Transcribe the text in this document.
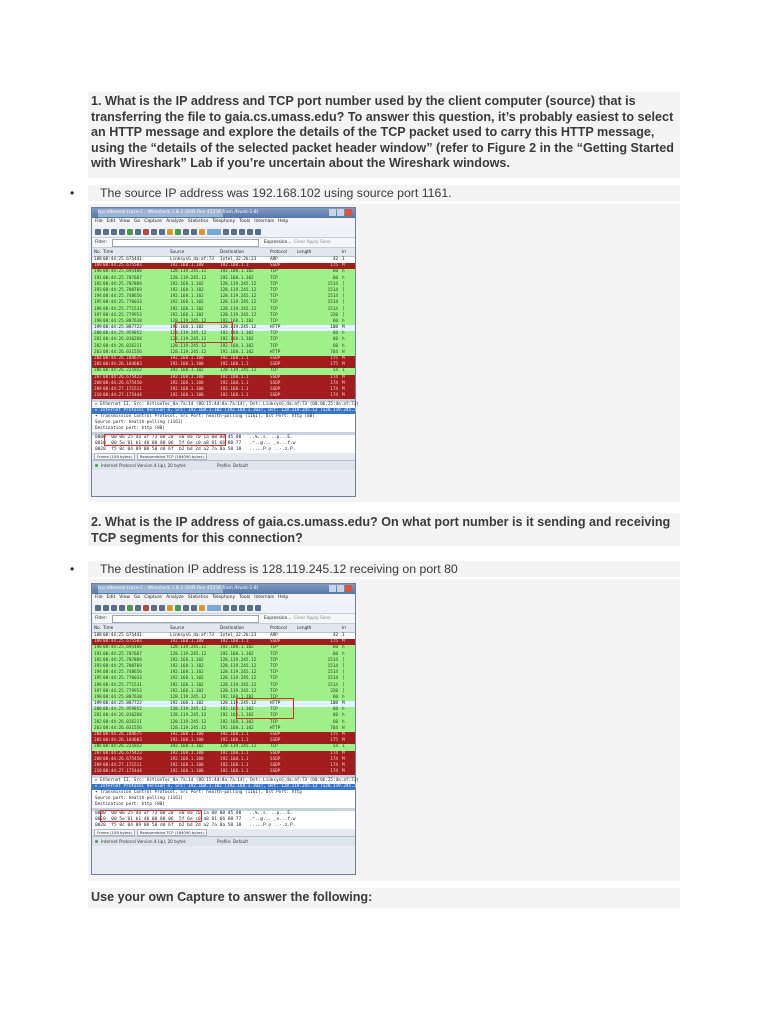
1. What is the IP address and TCP port number used by the client computer (source) that is
transferring the file to gaia.cs.umass.edu? To answer this question, it’s probably easiest to select
an HTTP message and explore the details of the TCP packet used to carry this HTTP message,
using the “details of the selected packet header window” (refer to Figure 2 in the “Getting Started
with Wireshark” Lab if you’re uncertain about the Wireshark windows.
•	The source IP address was 192.168.102 using source port 1161.
tcp-ethereal-trace-1 - Wireshark 1.8.3 (SVN Rev 45256 from /trunk-1.8)
File Edit View Go Capture Analyze Statistics Telephony Tools Internals Help
Filter:	Expression... Clear Apply Save
No. Time	Source	Destination	Protocol Length	In
188 08:44:25.675441	LinksysG_da:af:73 Intel_32:2b:23	ARP	42 1
189 08:44:25.675503	192.168.1.100	192.168.1.1	SSDP	175 M
190 08:44:25.695400	128.119.245.12	192.168.1.102	TCP	60 h
191 08:44:25.707667	128.119.245.12	192.168.1.102	TCP	60 h
192 08:44:25.707889	192.168.1.102	128.119.245.12	TCP	1514 [
193 08:44:25.708769	192.168.1.102	128.119.245.12	TCP	1514 [
194 08:44:25.748656	192.168.1.102	128.119.245.12	TCP	1514 [
195 08:44:25.770033	192.168.1.102	128.119.245.12	TCP	1514 [
196 08:44:25.771531	192.168.1.102	128.119.245.12	TCP	1514 [
197 08:44:25.779953	192.168.1.102	128.119.245.12	TCP	320 [
198 08:44:25.887638	128.119.245.12	192.168.1.102	TCP	60 h
199 08:44:25.887722	192.168.1.102	128.119.245.12	HTTP	108 M
200 08:44:25.959852	128.119.245.12	192.168.1.102	TCP	60 h
201 08:44:26.016268	128.119.245.12	192.168.1.102	TCP	60 h
202 08:44:26.026211	128.119.245.12	192.168.1.102	TCP	60 h
203 08:44:26.031556	128.119.245.12	192.168.1.102	HTTP	784 H
204 08:44:26.184675	192.168.1.100	192.168.1.1	SSDP	175 M
205 08:44:26.184683	192.168.1.100	192.168.1.1	SSDP	175 M
206 08:44:26.221922	192.168.1.102	128.119.245.12	TCP	54 1
207 08:44:26.675423	192.168.1.100	192.168.1.1	SSDP	174 M
208 08:44:26.675450	192.168.1.100	192.168.1.1	SSDP	174 M
209 08:44:27.171511	192.168.1.100	192.168.1.1	SSDP	174 M
210 08:44:27.175444	192.168.1.100	192.168.1.1	SSDP	174 M
▸ Ethernet II, Src: ActionTec_8a:7a:14 (00:15:4d:8a:7a:14), Dst: LinksysG_da:af:73 (00:06:25:da:af:73)
▸ Internet Protocol Version 4, Src: 192.168.1.102 (192.168.1.102), Dst: 128.119.245.12 (128.119.245.12)
▾ Transmission Control Protocol, Src Port: health-polling (1161), Dst Port: http (80)
Source port: health-polling (1161)
Destination port: http (80)
0000  00 06 25 da af 73 00 20  e0 8a 70 1a 08 00 45 00   ..%..s. ..p...E.
0010  00 5e 01 b1 40 00 80 06  5f 6e c0 a8 01 66 80 77   .^..@... _n...f.w
0020  f5 0c 04 89 00 50 dd 6f  b2 bd 2d a2 7a 8a 50 18   .....P.o ..-.z.P.
Frame (108 bytes) Reassembled TCP (164090 bytes)
Internet Protocol Version 4 (ip), 20 bytes	Profile: Default
2. What is the IP address of gaia.cs.umass.edu? On what port number is it sending and receiving
TCP segments for this connection?
•	The destination IP address is 128.119.245.12 receiving on port 80
tcp-ethereal-trace-1 - Wireshark 1.8.3 (SVN Rev 45256 from /trunk-1.8)
File Edit View Go Capture Analyze Statistics Telephony Tools Internals Help
Filter:	Expression... Clear Apply Save
No. Time	Source	Destination	Protocol Length	In
188 08:44:25.675441	LinksysG_da:af:73 Intel_32:2b:23	ARP	42 1
189 08:44:25.675503	192.168.1.100	192.168.1.1	SSDP	175 M
190 08:44:25.695400	128.119.245.12	192.168.1.102	TCP	60 h
191 08:44:25.707667	128.119.245.12	192.168.1.102	TCP	60 h
192 08:44:25.707889	192.168.1.102	128.119.245.12	TCP	1514 [
193 08:44:25.708769	192.168.1.102	128.119.245.12	TCP	1514 [
194 08:44:25.748656	192.168.1.102	128.119.245.12	TCP	1514 [
195 08:44:25.770033	192.168.1.102	128.119.245.12	TCP	1514 [
196 08:44:25.771531	192.168.1.102	128.119.245.12	TCP	1514 [
197 08:44:25.779953	192.168.1.102	128.119.245.12	TCP	320 [
198 08:44:25.887638	128.119.245.12	192.168.1.102	TCP	60 h
199 08:44:25.887722	192.168.1.102	128.119.245.12	HTTP	108 M
200 08:44:25.959852	128.119.245.12	192.168.1.102	TCP	60 h
201 08:44:26.016268	128.119.245.12	192.168.1.102	TCP	60 h
202 08:44:26.026211	128.119.245.12	192.168.1.102	TCP	60 h
203 08:44:26.031556	128.119.245.12	192.168.1.102	HTTP	784 H
204 08:44:26.184675	192.168.1.100	192.168.1.1	SSDP	175 M
205 08:44:26.184683	192.168.1.100	192.168.1.1	SSDP	175 M
206 08:44:26.221922	192.168.1.102	128.119.245.12	TCP	54 1
207 08:44:26.675423	192.168.1.100	192.168.1.1	SSDP	174 M
208 08:44:26.675450	192.168.1.100	192.168.1.1	SSDP	174 M
209 08:44:27.171511	192.168.1.100	192.168.1.1	SSDP	174 M
210 08:44:27.175444	192.168.1.100	192.168.1.1	SSDP	174 M
▸ Ethernet II, Src: ActionTec_8a:7a:14 (00:15:4d:8a:7a:14), Dst: LinksysG_da:af:73 (00:06:25:da:af:73)
▸ Internet Protocol Version 4, Src: 192.168.1.102 (192.168.1.102), Dst: 128.119.245.12 (128.119.245.12)
▾ Transmission Control Protocol, Src Port: health-polling (1161), Dst Port: http
Source port: health-polling (1161)
Destination port: http (80)
0000  00 06 25 da af 73 00 20  e0 8a 70 1a 08 00 45 00   ..%..s. ..p...E.
0010  00 5e 01 b1 40 00 80 06  5f 6e c0 a8 01 66 80 77   .^..@... _n...f.w
0020  f5 0c 04 89 00 50 dd 6f  b2 bd 2d a2 7a 8a 50 18   .....P.o ..-.z.P.
Frame (108 bytes) Reassembled TCP (164090 bytes)
Internet Protocol Version 4 (ip), 20 bytes	Profile: Default
Use your own Capture to answer the following:
